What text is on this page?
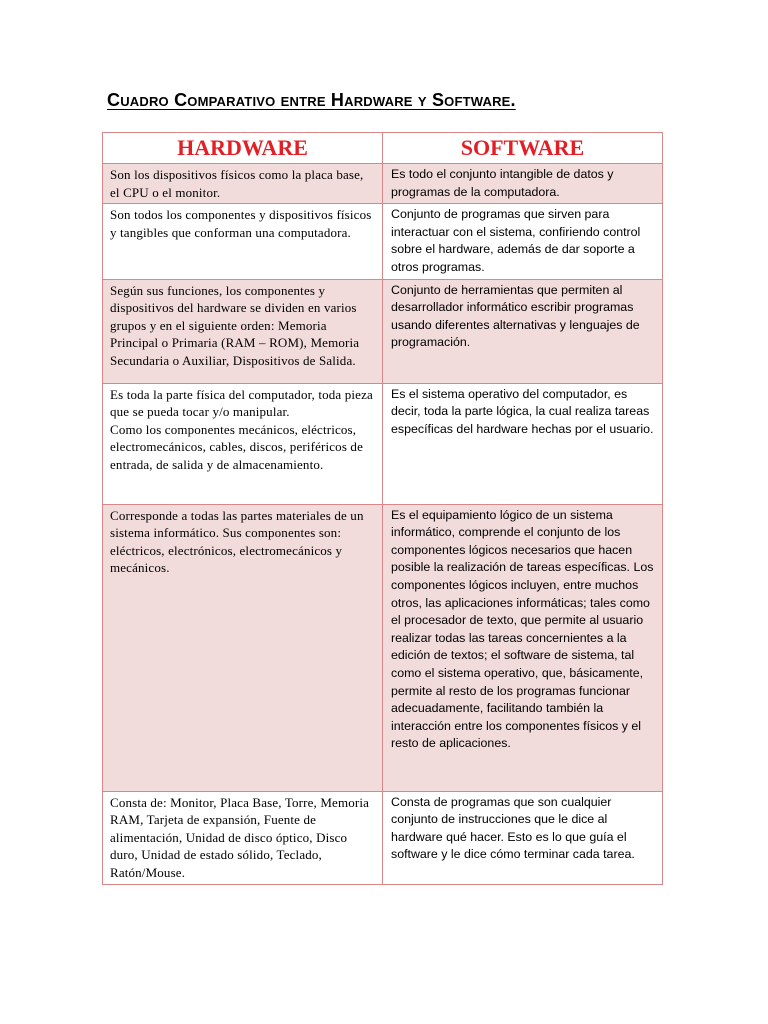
Cuadro Comparativo entre Hardware y Software.
HARDWARE	SOFTWARE
Son los dispositivos físicos como la placa base, el CPU o el monitor.	Es todo el conjunto intangible de datos y programas de la computadora.
Son todos los componentes y dispositivos físicos y tangibles que conforman una computadora.	Conjunto de programas que sirven para interactuar con el sistema, confiriendo control sobre el hardware, además de dar soporte a otros programas.
Según sus funciones, los componentes y dispositivos del hardware se dividen en varios grupos y en el siguiente orden: Memoria Principal o Primaria (RAM – ROM), Memoria Secundaria o Auxiliar, Dispositivos de Salida.	Conjunto de herramientas que permiten al desarrollador informático escribir programas usando diferentes alternativas y lenguajes de programación.
Es toda la parte física del computador, toda pieza que se pueda tocar y/o manipular.
Como los componentes mecánicos, eléctricos, electromecánicos, cables, discos, periféricos de entrada, de salida y de almacenamiento.	Es el sistema operativo del computador, es decir, toda la parte lógica, la cual realiza tareas específicas del hardware hechas por el usuario.
Corresponde a todas las partes materiales de un sistema informático. Sus componentes son: eléctricos, electrónicos, electromecánicos y mecánicos.	Es el equipamiento lógico de un sistema informático, comprende el conjunto de los componentes lógicos necesarios que hacen posible la realización de tareas específicas. Los componentes lógicos incluyen, entre muchos otros, las aplicaciones informáticas; tales como el procesador de texto, que permite al usuario realizar todas las tareas concernientes a la edición de textos; el software de sistema, tal como el sistema operativo, que, básicamente, permite al resto de los programas funcionar adecuadamente, facilitando también la interacción entre los componentes físicos y el resto de aplicaciones.
Consta de: Monitor, Placa Base, Torre, Memoria RAM, Tarjeta de expansión, Fuente de alimentación, Unidad de disco óptico, Disco duro, Unidad de estado sólido, Teclado, Ratón/Mouse.	Consta de programas que son cualquier conjunto de instrucciones que le dice al hardware qué hacer. Esto es lo que guía el software y le dice cómo terminar cada tarea.
